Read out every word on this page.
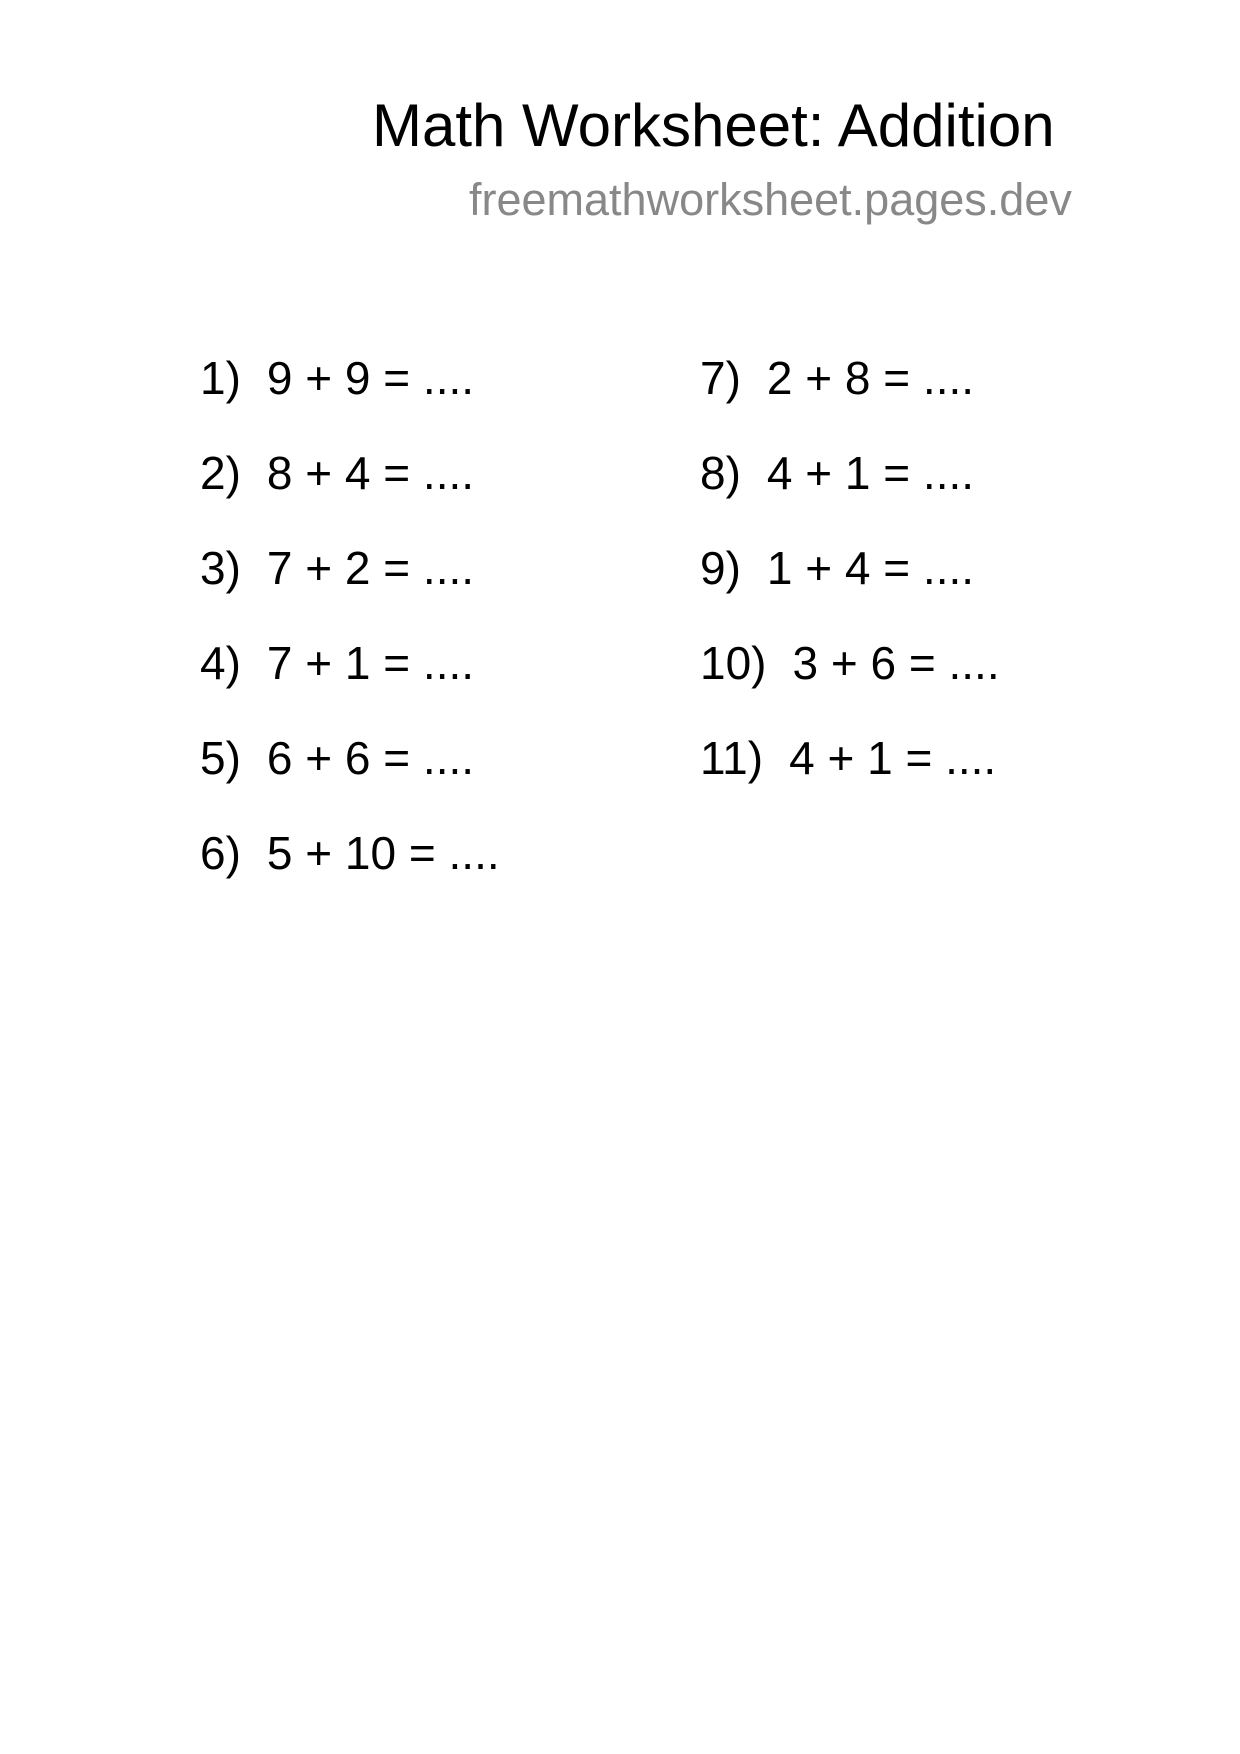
Math Worksheet: Addition
freemathworksheet.pages.dev
1) 9 + 9 = ....
2) 8 + 4 = ....
3) 7 + 2 = ....
4) 7 + 1 = ....
5) 6 + 6 = ....
6) 5 + 10 = ....
7) 2 + 8 = ....
8) 4 + 1 = ....
9) 1 + 4 = ....
10) 3 + 6 = ....
11) 4 + 1 = ....
